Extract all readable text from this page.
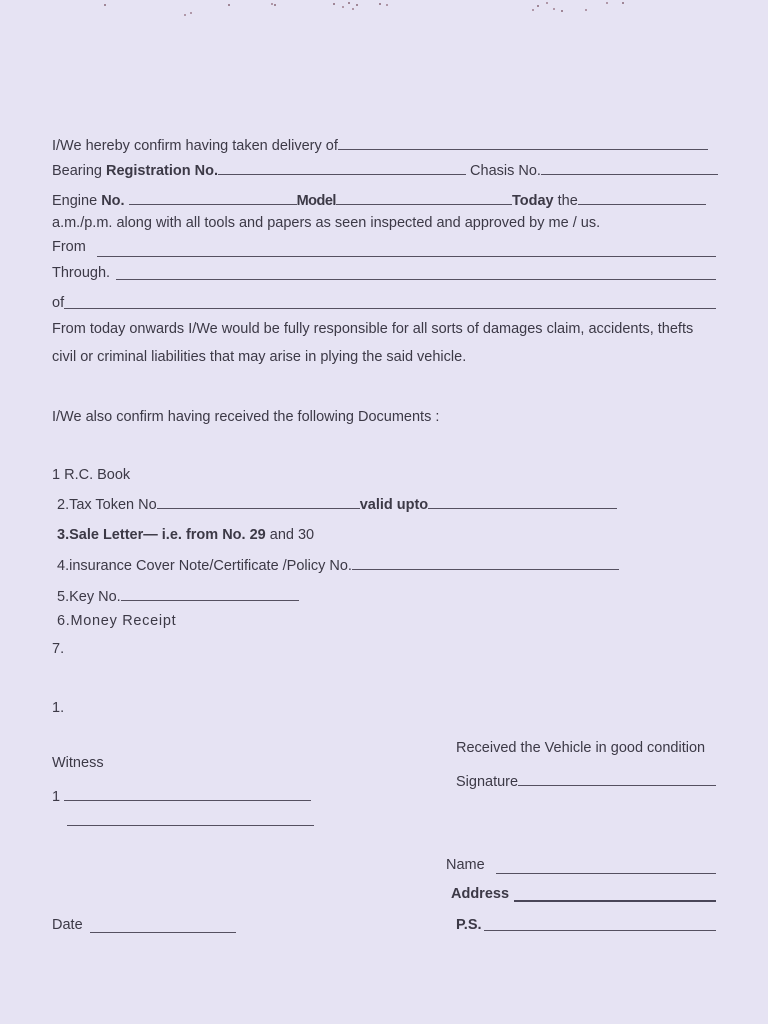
I/We hereby confirm having taken delivery of
Bearing Registration No.	Chasis No.
Engine No.	Model	Today the
a.m./p.m. along with all tools and papers as seen inspected and approved by me / us.
From
Through.
of
From today onwards I/We would be fully responsible for all sorts of damages claim, accidents, thefts
civil or criminal liabilities that may arise in plying the said vehicle.
I/We also confirm having received the following Documents :
1 R.C. Book
2.Tax Token No	valid upto
3.Sale Letter— i.e. from No. 29 and 30
4.insurance Cover Note/Certificate /Policy No.
5.Key No.
6.Money Receipt
7.
1.
Witness
1
Received the Vehicle in good condition
Signature
Name
Address
P.S.
Date
